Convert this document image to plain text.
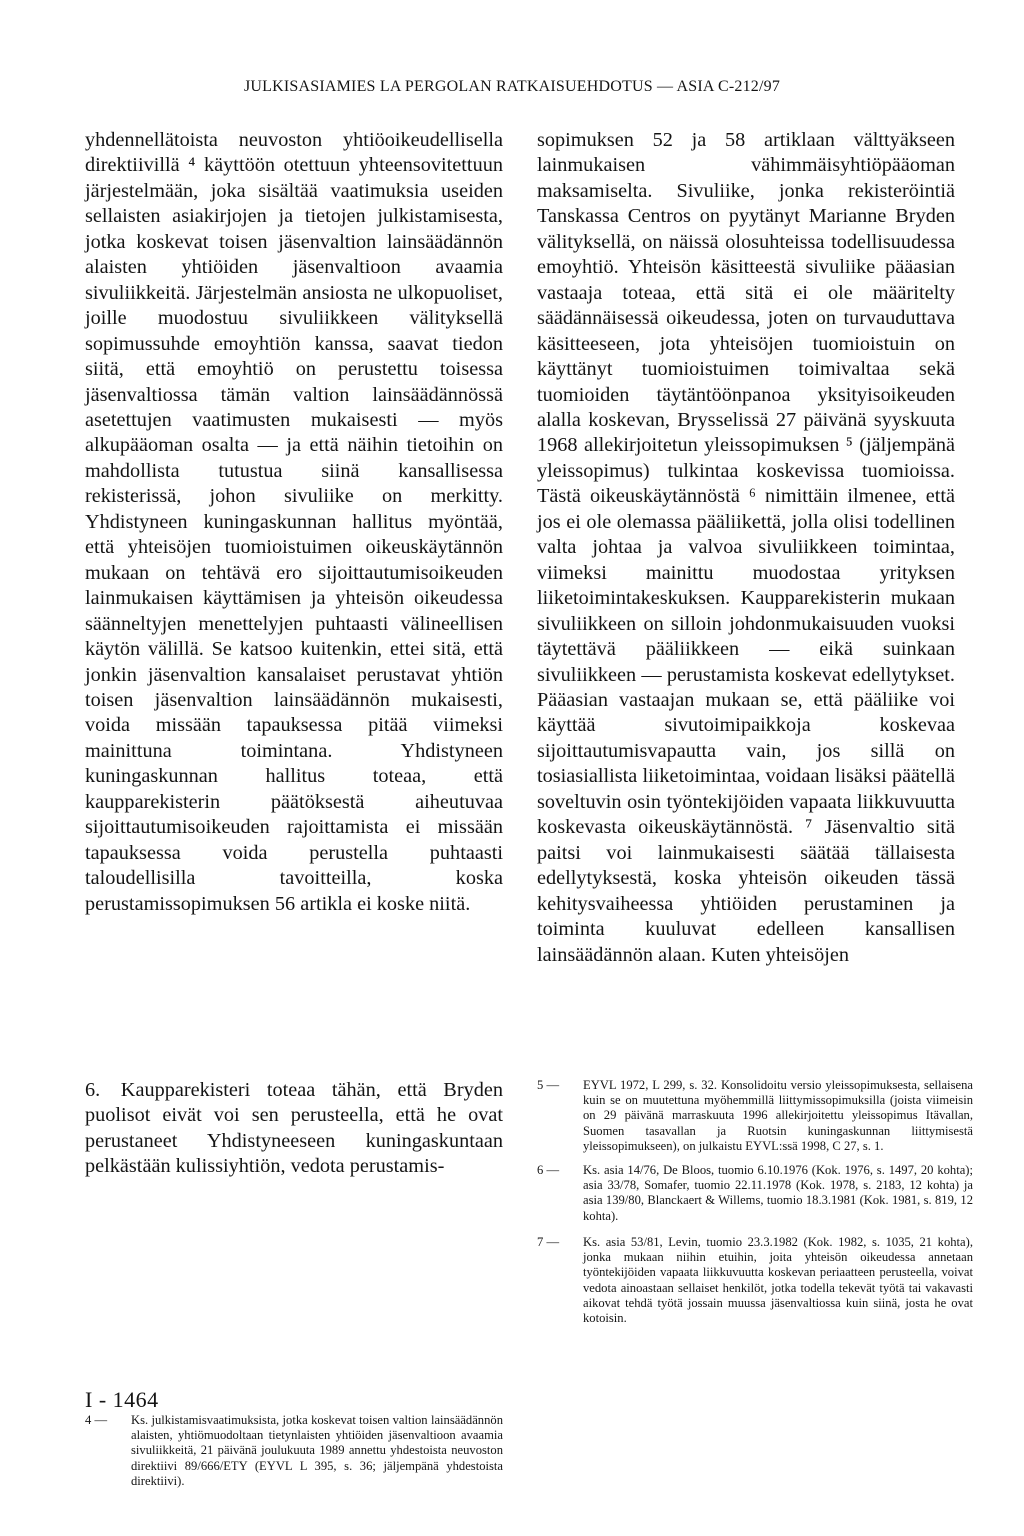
JULKISASIAMIES LA PERGOLAN RATKAISUEHDOTUS — ASIA C-212/97

yhdennellätoista neuvoston yhtiöoikeudellisella direktiivillä ⁴ käyttöön otettuun yhteensovitettuun järjestelmään, joka sisältää vaatimuksia useiden sellaisten asiakirjojen ja tietojen julkistamisesta, jotka koskevat toisen jäsenvaltion lainsäädännön alaisten yhtiöiden jäsenvaltioon avaamia sivuliikkeitä. Järjestelmän ansiosta ne ulkopuoliset, joille muodostuu sivuliikkeen välityksellä sopimussuhde emoyhtiön kanssa, saavat tiedon siitä, että emoyhtiö on perustettu toisessa jäsenvaltiossa tämän valtion lainsäädännössä asetettujen vaatimusten mukaisesti — myös alkupääoman osalta — ja että näihin tietoihin on mahdollista tutustua siinä kansallisessa rekisterissä, johon sivuliike on merkitty. Yhdistyneen kuningaskunnan hallitus myöntää, että yhteisöjen tuomioistuimen oikeuskäytännön mukaan on tehtävä ero sijoittautumisoikeuden lainmukaisen käyttämisen ja yhteisön oikeudessa säänneltyjen menettelyjen puhtaasti välineellisen käytön välillä. Se katsoo kuitenkin, ettei sitä, että jonkin jäsenvaltion kansalaiset perustavat yhtiön toisen jäsenvaltion lainsäädännön mukaisesti, voida missään tapauksessa pitää viimeksi mainittuna toimintana. Yhdistyneen kuningaskunnan hallitus toteaa, että kaupparekisterin päätöksestä aiheutuvaa sijoittautumisoikeuden rajoittamista ei missään tapauksessa voida perustella puhtaasti taloudellisilla tavoitteilla, koska perustamissopimuksen 56 artikla ei koske niitä.

sopimuksen 52 ja 58 artiklaan välttyäkseen lainmukaisen vähimmäisyhtiöpääoman maksamiselta. Sivuliike, jonka rekisteröintiä Tanskassa Centros on pyytänyt Marianne Bryden välityksellä, on näissä olosuhteissa todellisuudessa emoyhtiö. Yhteisön käsitteestä sivuliike pääasian vastaaja toteaa, että sitä ei ole määritelty säädännäisessä oikeudessa, joten on turvauduttava käsitteeseen, jota yhteisöjen tuomioistuin on käyttänyt tuomioistuimen toimivaltaa sekä tuomioiden täytäntöönpanoa yksityisoikeuden alalla koskevan, Brysselissä 27 päivänä syyskuuta 1968 allekirjoitetun yleissopimuksen ⁵ (jäljempänä yleissopimus) tulkintaa koskevissa tuomioissa. Tästä oikeuskäytännöstä ⁶ nimittäin ilmenee, että jos ei ole olemassa pääliikettä, jolla olisi todellinen valta johtaa ja valvoa sivuliikkeen toimintaa, viimeksi mainittu muodostaa yrityksen liiketoimintakeskuksen. Kaupparekisterin mukaan sivuliikkeen on silloin johdonmukaisuuden vuoksi täytettävä pääliikkeen — eikä suinkaan sivuliikkeen — perustamista koskevat edellytykset. Pääasian vastaajan mukaan se, että pääliike voi käyttää sivutoimipaikkoja koskevaa sijoittautumisvapautta vain, jos sillä on tosiasiallista liiketoimintaa, voidaan lisäksi päätellä soveltuvin osin työntekijöiden vapaata liikkuvuutta koskevasta oikeuskäytännöstä. ⁷ Jäsenvaltio sitä paitsi voi lainmukaisesti säätää tällaisesta edellytyksestä, koska yhteisön oikeuden tässä kehitysvaiheessa yhtiöiden perustaminen ja toiminta kuuluvat edelleen kansallisen lainsäädännön alaan. Kuten yhteisöjen

6. Kaupparekisteri toteaa tähän, että Bryden puolisot eivät voi sen perusteella, että he ovat perustaneet Yhdistyneeseen kuningaskuntaan pelkästään kulissiyhtiön, vedota perustamis-
4 —	Ks. julkistamisvaatimuksista, jotka koskevat toisen valtion lainsäädännön alaisten, yhtiömuodoltaan tietynlaisten yhtiöiden jäsenvaltioon avaamia sivuliikkeitä, 21 päivänä joulukuuta 1989 annettu yhdestoista neuvoston direktiivi 89/666/ETY (EYVL L 395, s. 36; jäljempänä yhdestoista direktiivi).
5 —	EYVL 1972, L 299, s. 32. Konsolidoitu versio yleissopimuksesta, sellaisena kuin se on muutettuna myöhemmillä liittymissopimuksilla (joista viimeisin on 29 päivänä marraskuuta 1996 allekirjoitettu yleissopimus Itävallan, Suomen tasavallan ja Ruotsin kuningaskunnan liittymisestä yleissopimukseen), on julkaistu EYVL:ssä 1998, C 27, s. 1.
6 —	Ks. asia 14/76, De Bloos, tuomio 6.10.1976 (Kok. 1976, s. 1497, 20 kohta); asia 33/78, Somafer, tuomio 22.11.1978 (Kok. 1978, s. 2183, 12 kohta) ja asia 139/80, Blanckaert & Willems, tuomio 18.3.1981 (Kok. 1981, s. 819, 12 kohta).
7 —	Ks. asia 53/81, Levin, tuomio 23.3.1982 (Kok. 1982, s. 1035, 21 kohta), jonka mukaan niihin etuihin, joita yhteisön oikeudessa annetaan työntekijöiden vapaata liikkuvuutta koskevan periaatteen perusteella, voivat vedota ainoastaan sellaiset henkilöt, jotka todella tekevät työtä tai vakavasti aikovat tehdä työtä jossain muussa jäsenvaltiossa kuin siinä, josta he ovat kotoisin.
I - 1464
